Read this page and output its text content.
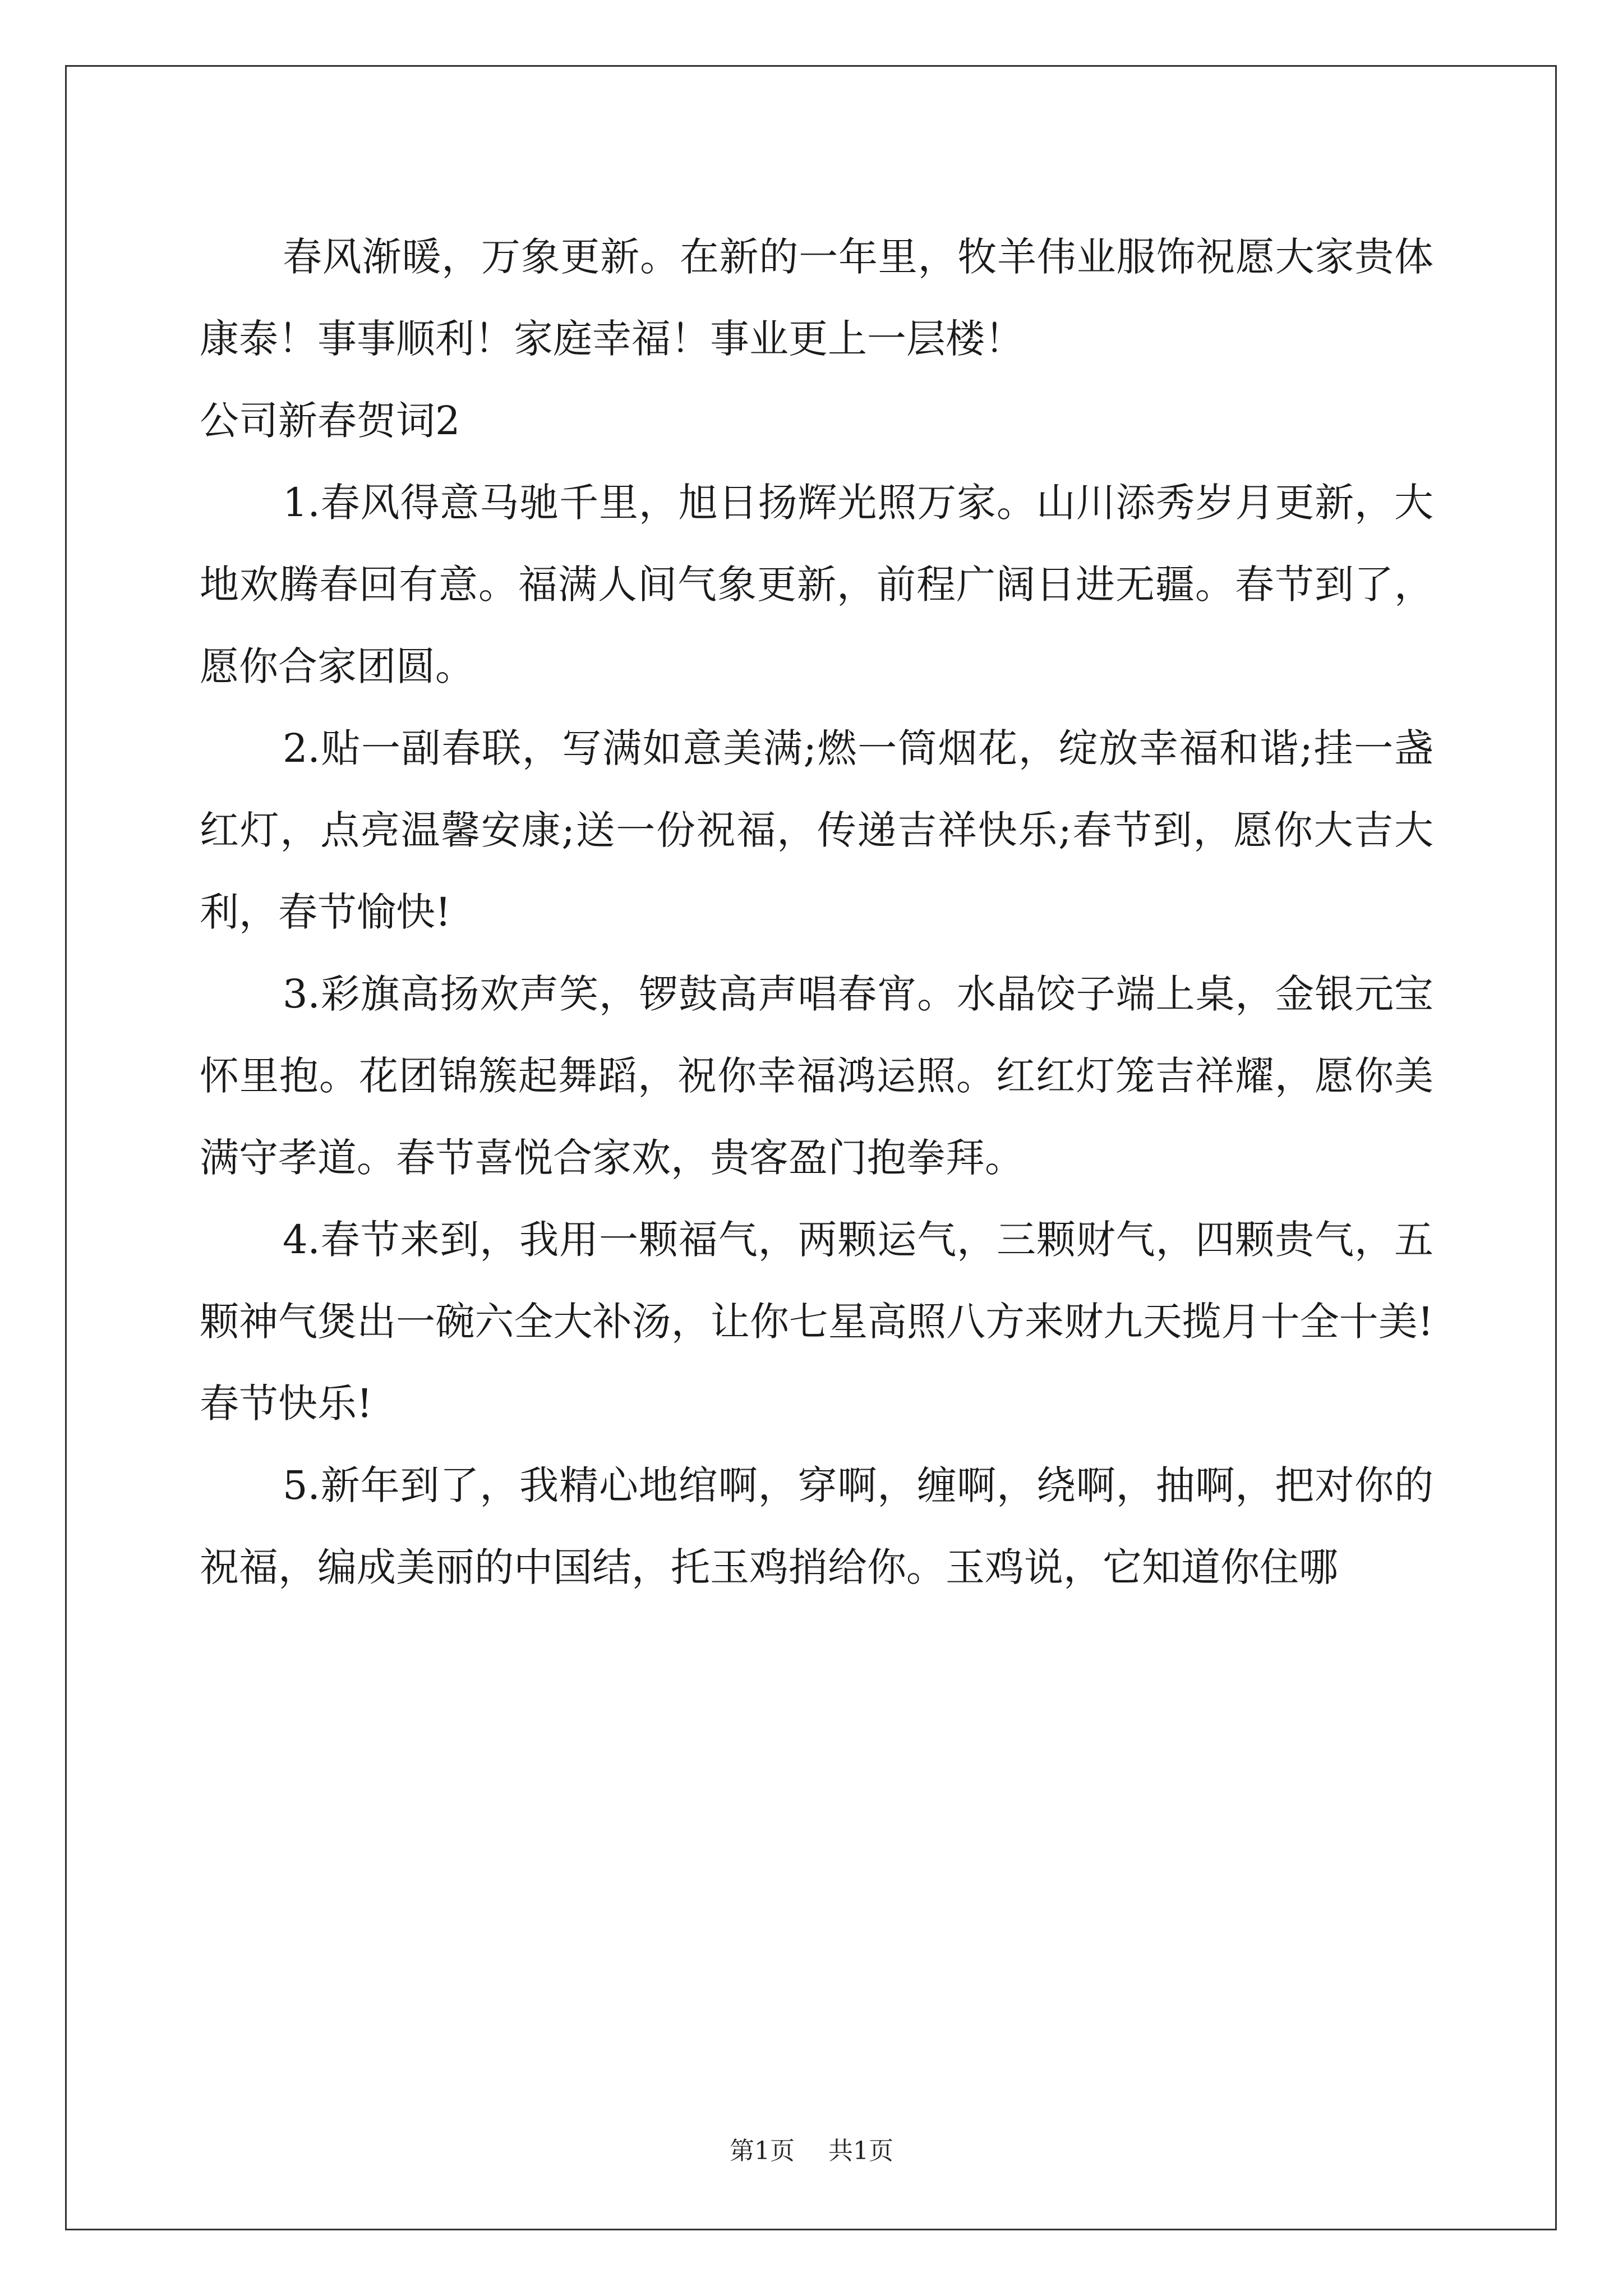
春风渐暖，万象更新。在新的一年里，牧羊伟业服饰祝愿大家贵体康泰！事事顺利！家庭幸福！事业更上一层楼！

公司新春贺词2

1.春风得意马驰千里，旭日扬辉光照万家。山川添秀岁月更新，大地欢腾春回有意。福满人间气象更新，前程广阔日进无疆。春节到了，愿你合家团圆。

2.贴一副春联，写满如意美满;燃一筒烟花，绽放幸福和谐;挂一盏红灯，点亮温馨安康;送一份祝福，传递吉祥快乐;春节到，愿你大吉大利，春节愉快!

3.彩旗高扬欢声笑，锣鼓高声唱春宵。水晶饺子端上桌，金银元宝怀里抱。花团锦簇起舞蹈，祝你幸福鸿运照。红红灯笼吉祥耀，愿你美满守孝道。春节喜悦合家欢，贵客盈门抱拳拜。

4.春节来到，我用一颗福气，两颗运气，三颗财气，四颗贵气，五颗神气煲出一碗六全大补汤，让你七星高照八方来财九天揽月十全十美!春节快乐!

5.新年到了，我精心地绾啊，穿啊，缠啊，绕啊，抽啊，把对你的祝福，编成美丽的中国结，托玉鸡捎给你。玉鸡说，它知道你住哪

第1页 共1页
